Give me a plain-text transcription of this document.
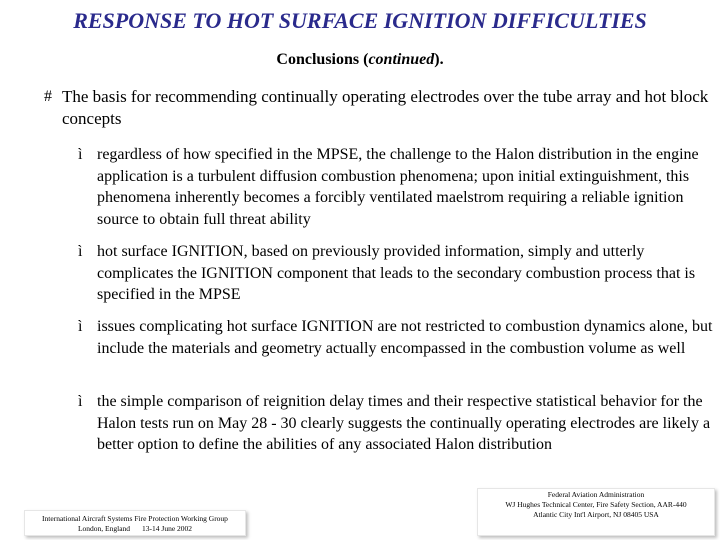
RESPONSE TO HOT SURFACE IGNITION DIFFICULTIES
Conclusions (continued).
# The basis for recommending continually operating electrodes over the tube array and hot block concepts
ì regardless of how specified in the MPSE, the challenge to the Halon distribution in the engine application is a turbulent diffusion combustion phenomena; upon initial extinguishment, this phenomena inherently becomes a forcibly ventilated maelstrom requiring a reliable ignition source to obtain full threat ability
ì hot surface IGNITION, based on previously provided information, simply and utterly complicates the IGNITION component that leads to the secondary combustion process that is specified in the MPSE
ì issues complicating hot surface IGNITION are not restricted to combustion dynamics alone, but include the materials and geometry actually encompassed in the combustion volume as well
ì the simple comparison of reignition delay times and their respective statistical behavior for the Halon tests run on May 28 - 30 clearly suggests the continually operating electrodes are likely a better option to define the abilities of any associated Halon distribution
International Aircraft Systems Fire Protection Working Group
London, England 13-14 June 2002
Federal Aviation Administration
WJ Hughes Technical Center, Fire Safety Section, AAR-440
Atlantic City Int'l Airport, NJ 08405 USA
